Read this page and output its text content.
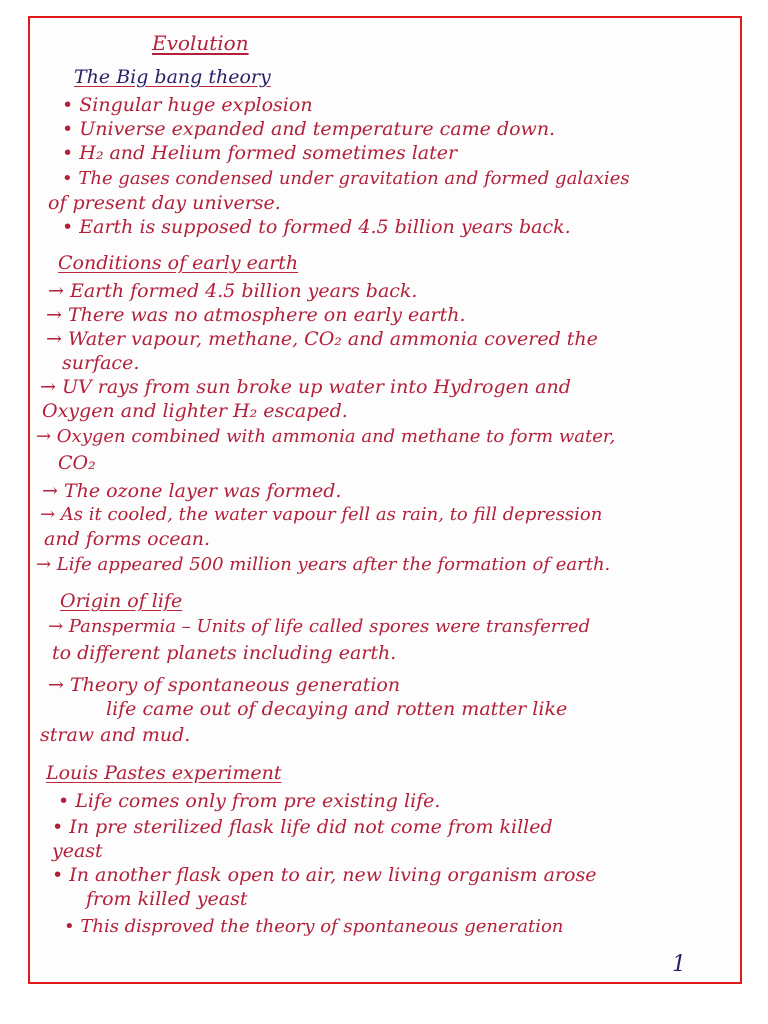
Evolution
The Big bang theory
• Singular huge explosion
• Universe expanded and temperature came down.
• H₂ and Helium formed sometimes later
• The gases condensed under gravitation and formed galaxies
of present day universe.
• Earth is supposed to formed 4.5 billion years back.
Conditions of early earth
→ Earth formed 4.5 billion years back.
→ There was no atmosphere on early earth.
→ Water vapour, methane, CO₂ and ammonia covered the
surface.
→ UV rays from sun broke up water into Hydrogen and
Oxygen and lighter H₂ escaped.
→ Oxygen combined with ammonia and methane to form water,
CO₂
→ The ozone layer was formed.
→ As it cooled, the water vapour fell as rain, to fill depression
and forms ocean.
→ Life appeared 500 million years after the formation of earth.
Origin of life
→ Panspermia – Units of life called spores were transferred
to different planets including earth.
→ Theory of spontaneous generation
life came out of decaying and rotten matter like
straw and mud.
Louis Pastes experiment
• Life comes only from pre existing life.
• In pre sterilized flask life did not come from killed
yeast
• In another flask open to air, new living organism arose
from killed yeast
• This disproved the theory of spontaneous generation
1
